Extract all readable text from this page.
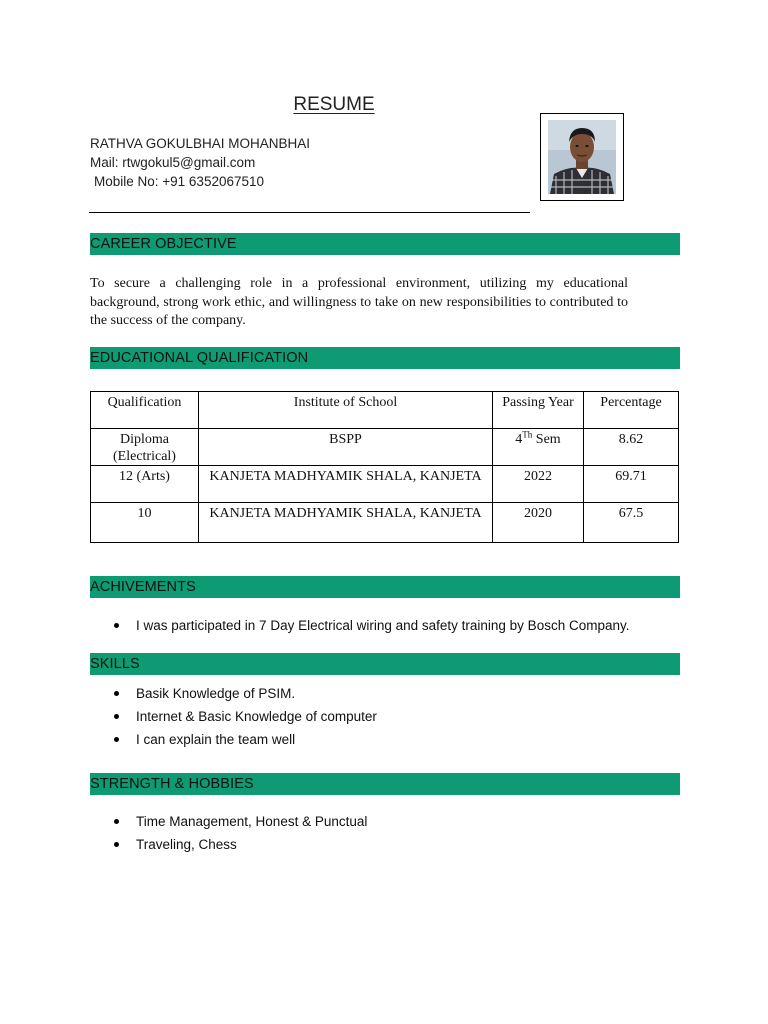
RESUME
RATHVA GOKULBHAI MOHANBHAI
Mail: rtwgokul5@gmail.com
Mobile No: +91 6352067510
CAREER OBJECTIVE
To secure a challenging role in a professional environment, utilizing my educational background, strong work ethic, and willingness to take on new responsibilities to contributed to the success of the company.
EDUCATIONAL QUALIFICATION
Qualification	Institute of School	Passing Year	Percentage
Diploma (Electrical)	BSPP	4Th Sem	8.62
12 (Arts)	KANJETA MADHYAMIK SHALA, KANJETA	2022	69.71
10	KANJETA MADHYAMIK SHALA, KANJETA	2020	67.5
ACHIVEMENTS
I was participated in 7 Day Electrical wiring and safety training by Bosch Company.
SKILLS
Basik Knowledge of PSIM.
Internet & Basic Knowledge of computer
I can explain the team well
STRENGTH & HOBBIES
Time Management, Honest & Punctual
Traveling, Chess
